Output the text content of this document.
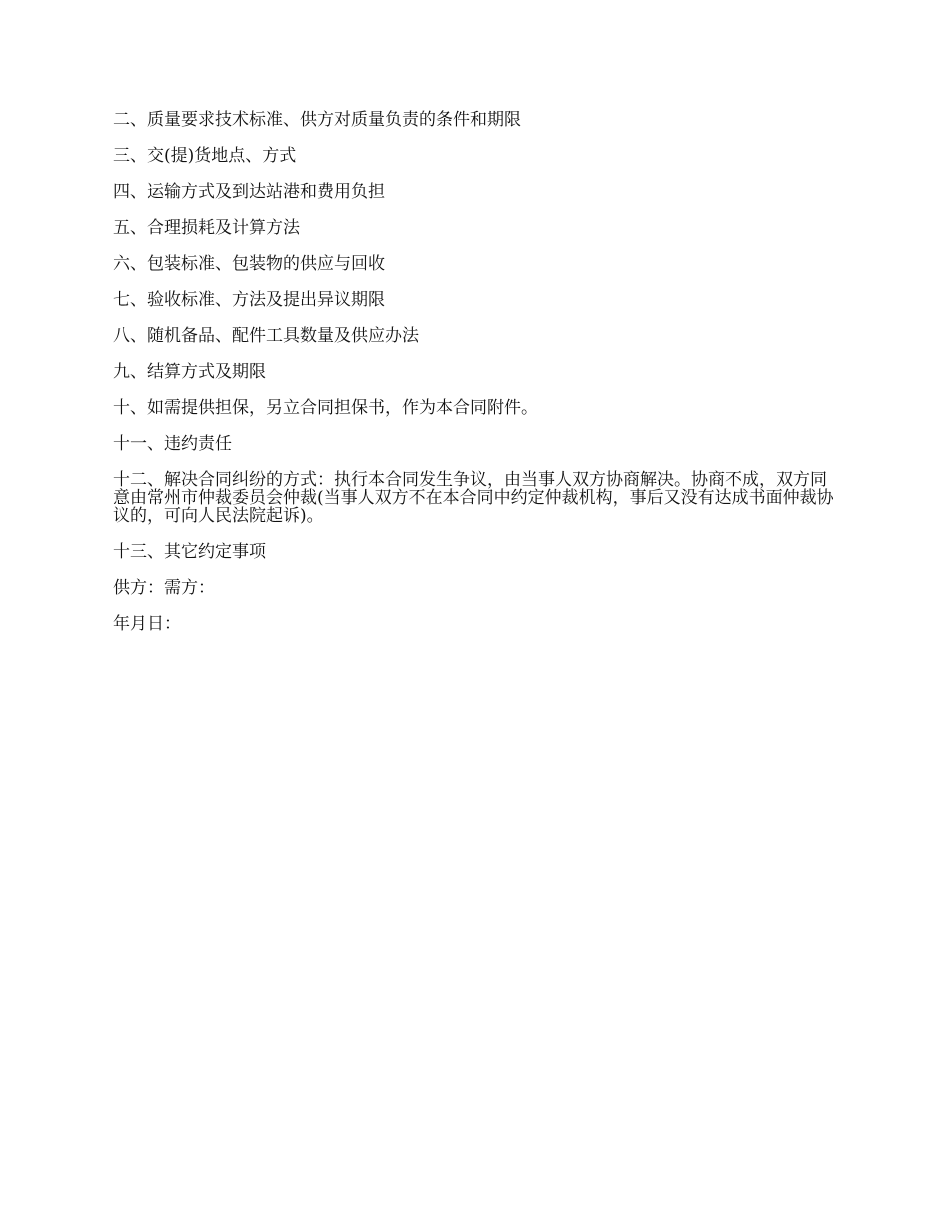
二、质量要求技术标准、供方对质量负责的条件和期限

三、交(提)货地点、方式

四、运输方式及到达站港和费用负担

五、合理损耗及计算方法

六、包装标准、包装物的供应与回收

七、验收标准、方法及提出异议期限

八、随机备品、配件工具数量及供应办法

九、结算方式及期限

十、如需提供担保，另立合同担保书，作为本合同附件。

十一、违约责任

十二、解决合同纠纷的方式：执行本合同发生争议，由当事人双方协商解决。协商不成，双方同意由常州市仲裁委员会仲裁(当事人双方不在本合同中约定仲裁机构，事后又没有达成书面仲裁协议的，可向人民法院起诉)。

十三、其它约定事项

供方：需方：

年月日：
